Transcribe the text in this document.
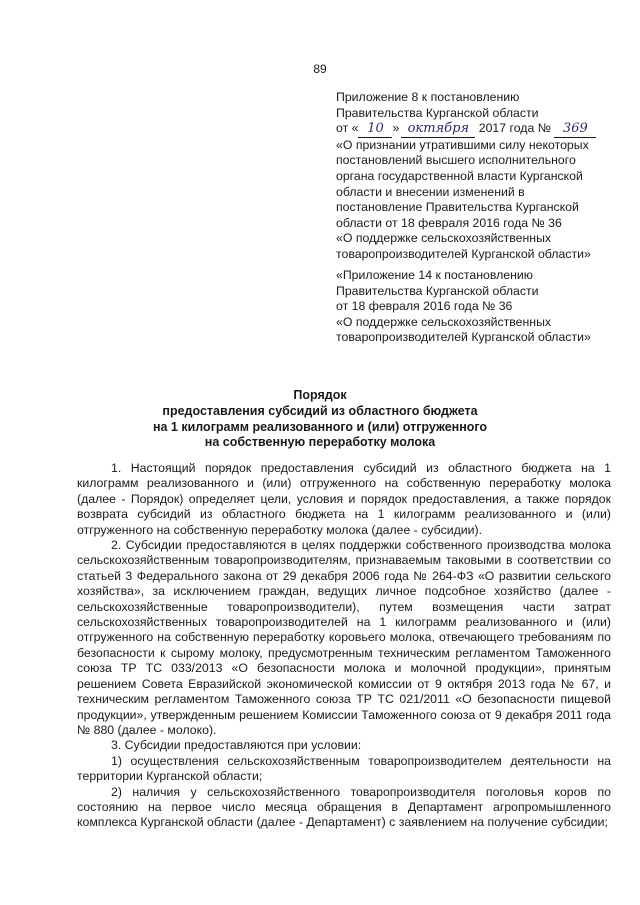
89
Приложение 8 к постановлению
Правительства Курганской области
от « 10 » октября 2017 года № 369
«О признании утратившими силу некоторых
постановлений высшего исполнительного
органа государственной власти Курганской
области и внесении изменений в
постановление Правительства Курганской
области от 18 февраля 2016 года № 36
«О поддержке сельскохозяйственных
товаропроизводителей Курганской области»
«Приложение 14 к постановлению
Правительства Курганской области
от 18 февраля 2016 года № 36
«О поддержке сельскохозяйственных
товаропроизводителей Курганской области»
Порядок
предоставления субсидий из областного бюджета
на 1 килограмм реализованного и (или) отгруженного
на собственную переработку молока

1. Настоящий порядок предоставления субсидий из областного бюджета на 1 килограмм реализованного и (или) отгруженного на собственную переработку молока (далее - Порядок) определяет цели, условия и порядок предоставления, а также порядок возврата субсидий из областного бюджета на 1 килограмм реализованного и (или) отгруженного на собственную переработку молока (далее - субсидии).

2. Субсидии предоставляются в целях поддержки собственного производства молока сельскохозяйственным товаропроизводителям, признаваемым таковыми в соответствии со статьей 3 Федерального закона от 29 декабря 2006 года № 264-ФЗ «О развитии сельского хозяйства», за исключением граждан, ведущих личное подсобное хозяйство (далее - сельскохозяйственные товаропроизводители), путем возмещения части затрат сельскохозяйственных товаропроизводителей на 1 килограмм реализованного и (или) отгруженного на собственную переработку коровьего молока, отвечающего требованиям по безопасности к сырому молоку, предусмотренным техническим регламентом Таможенного союза ТР ТС 033/2013 «О безопасности молока и молочной продукции», принятым решением Совета Евразийской экономической комиссии от 9 октября 2013 года № 67, и техническим регламентом Таможенного союза ТР ТС 021/2011 «О безопасности пищевой продукции», утвержденным решением Комиссии Таможенного союза от 9 декабря 2011 года № 880 (далее - молоко).

3. Субсидии предоставляются при условии:

1) осуществления сельскохозяйственным товаропроизводителем деятельности на территории Курганской области;

2) наличия у сельскохозяйственного товаропроизводителя поголовья коров по состоянию на первое число месяца обращения в Департамент агропромышленного комплекса Курганской области (далее - Департамент) с заявлением на получение субсидии;
